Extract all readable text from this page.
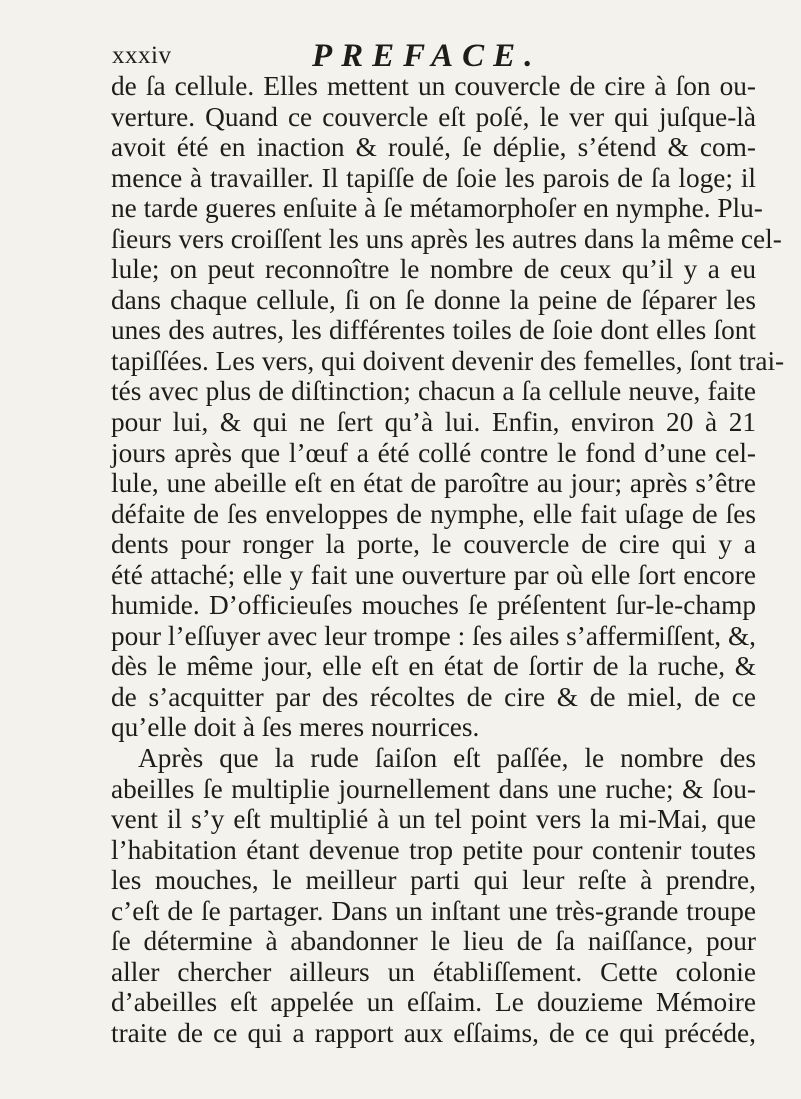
xxxiv	PREFACE.
de ſa cellule. Elles mettent un couvercle de cire à ſon ou-
verture. Quand ce couvercle eſt poſé, le ver qui juſque-là
avoit été en inaction & roulé, ſe déplie, s’étend & com-
mence à travailler. Il tapiſſe de ſoie les parois de ſa loge; il
ne tarde gueres enſuite à ſe métamorphoſer en nymphe. Plu-
ſieurs vers croiſſent les uns après les autres dans la même cel-
lule; on peut reconnoître le nombre de ceux qu’il y a eu
dans chaque cellule, ſi on ſe donne la peine de ſéparer les
unes des autres, les différentes toiles de ſoie dont elles ſont
tapiſſées. Les vers, qui doivent devenir des femelles, ſont trai-
tés avec plus de diſtinction; chacun a ſa cellule neuve, faite
pour lui, & qui ne ſert qu’à lui. Enfin, environ 20 à 21
jours après que l’œuf a été collé contre le fond d’une cel-
lule, une abeille eſt en état de paroître au jour; après s’être
défaite de ſes enveloppes de nymphe, elle fait uſage de ſes
dents pour ronger la porte, le couvercle de cire qui y a
été attaché; elle y fait une ouverture par où elle ſort encore
humide. D’officieuſes mouches ſe préſentent ſur-le-champ
pour l’eſſuyer avec leur trompe : ſes ailes s’affermiſſent, &,
dès le même jour, elle eſt en état de ſortir de la ruche, &
de s’acquitter par des récoltes de cire & de miel, de ce
qu’elle doit à ſes meres nourrices.
Après que la rude ſaiſon eſt paſſée, le nombre des
abeilles ſe multiplie journellement dans une ruche; & ſou-
vent il s’y eſt multiplié à un tel point vers la mi-Mai, que
l’habitation étant devenue trop petite pour contenir toutes
les mouches, le meilleur parti qui leur reſte à prendre,
c’eſt de ſe partager. Dans un inſtant une très-grande troupe
ſe détermine à abandonner le lieu de ſa naiſſance, pour
aller chercher ailleurs un établiſſement. Cette colonie
d’abeilles eſt appelée un eſſaim. Le douzieme Mémoire
traite de ce qui a rapport aux eſſaims, de ce qui précéde,
